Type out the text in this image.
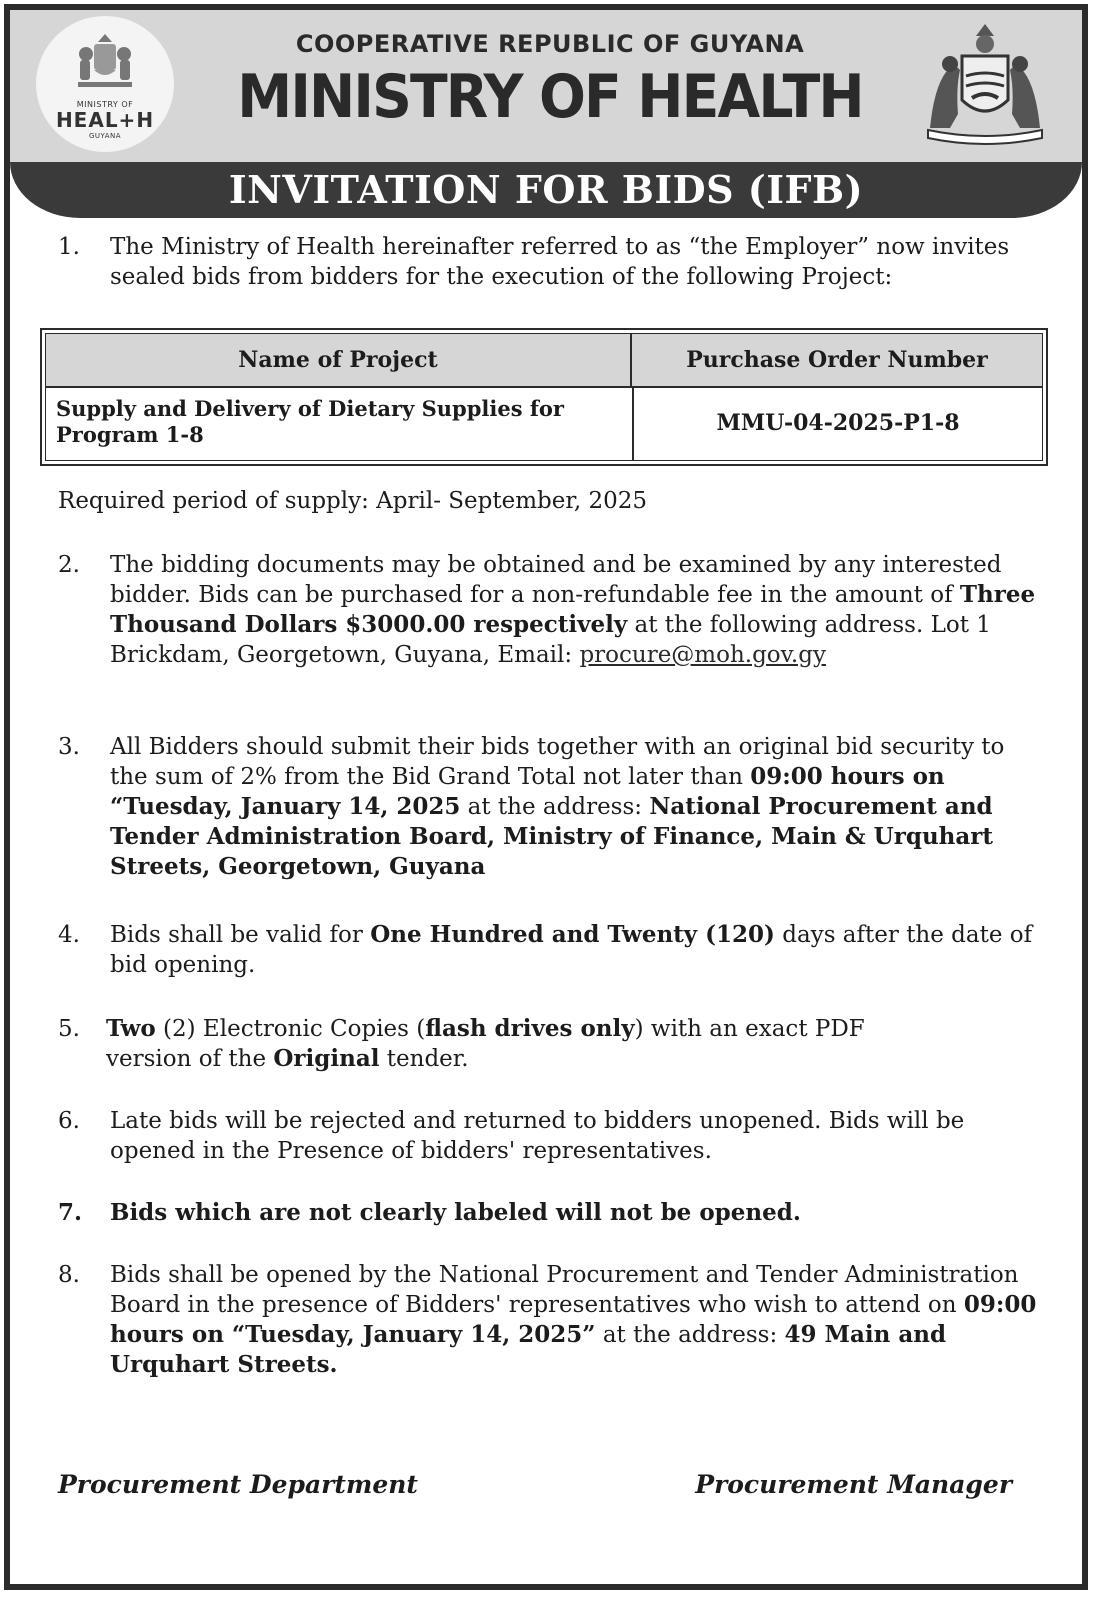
MINISTRY OF
HEAL+H
GUYANA
COOPERATIVE REPUBLIC OF GUYANA
MINISTRY OF HEALTH
INVITATION FOR BIDS (IFB)
1. The Ministry of Health hereinafter referred to as “the Employer” now invites sealed bids from bidders for the execution of the following Project:
Name of Project	Purchase Order Number
Supply and Delivery of Dietary Supplies for Program 1-8	MMU-04-2025-P1-8
Required period of supply: April- September, 2025
2. The bidding documents may be obtained and be examined by any interested bidder. Bids can be purchased for a non-refundable fee in the amount of Three Thousand Dollars $3000.00 respectively at the following address. Lot 1 Brickdam, Georgetown, Guyana, Email: procure@moh.gov.gy
3. All Bidders should submit their bids together with an original bid security to the sum of 2% from the Bid Grand Total not later than 09:00 hours on “Tuesday, January 14, 2025 at the address: National Procurement and Tender Administration Board, Ministry of Finance, Main & Urquhart Streets, Georgetown, Guyana
4. Bids shall be valid for One Hundred and Twenty (120) days after the date of bid opening.
5. Two (2) Electronic Copies (flash drives only) with an exact PDF version of the Original tender.
6. Late bids will be rejected and returned to bidders unopened. Bids will be opened in the Presence of bidders' representatives.
7. Bids which are not clearly labeled will not be opened.
8. Bids shall be opened by the National Procurement and Tender Administration Board in the presence of Bidders' representatives who wish to attend on 09:00 hours on “Tuesday, January 14, 2025” at the address: 49 Main and Urquhart Streets.
Procurement Department	Procurement Manager
